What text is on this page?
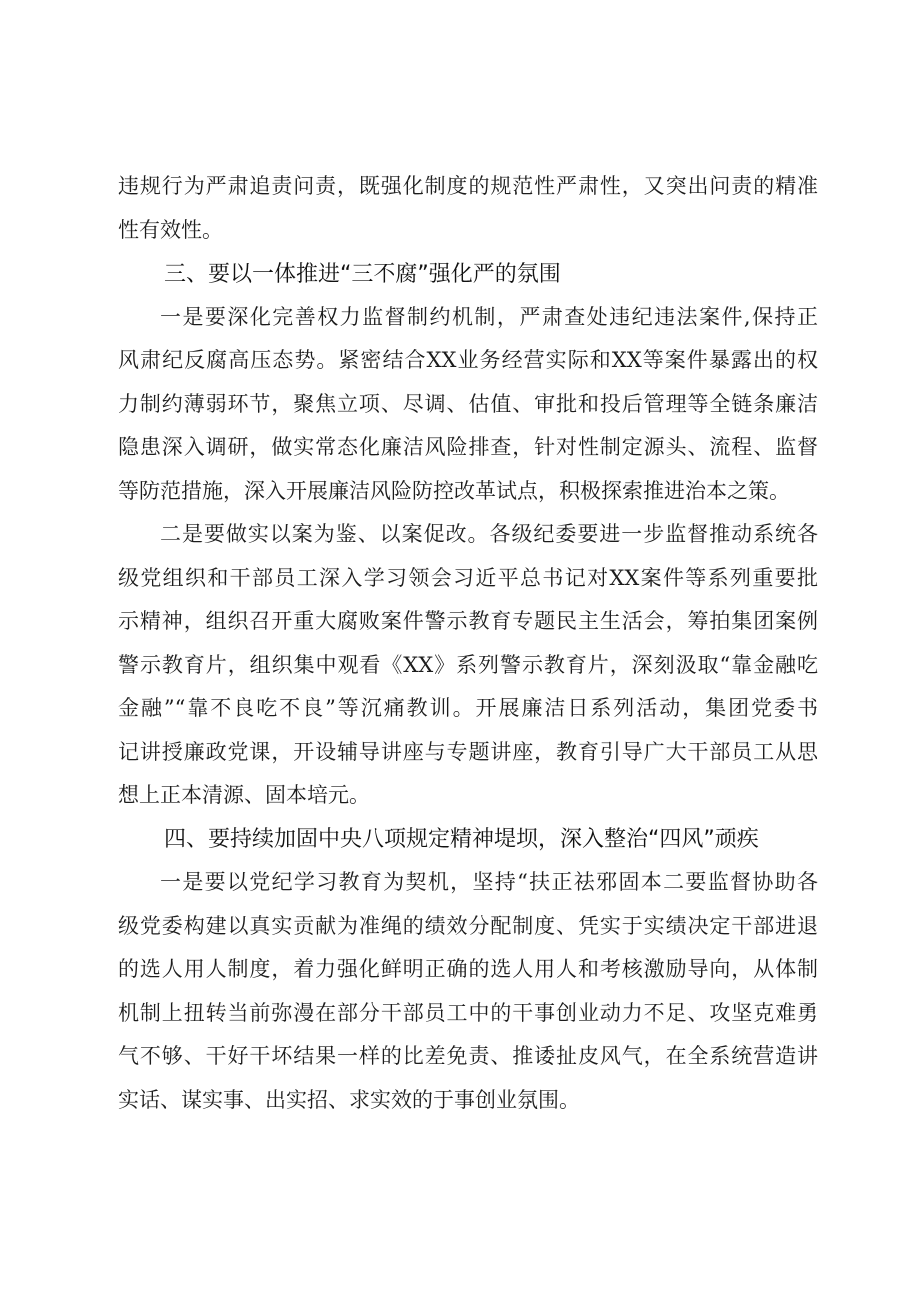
违规行为严肃追责问责，既强化制度的规范性严肃性，又突出问责的精准

性有效性。

三、要以一体推进“三不腐”强化严的氛围

一是要深化完善权力监督制约机制，严肃查处违纪违法案件,保持正

风肃纪反腐高压态势。紧密结合XX业务经营实际和XX等案件暴露出的权

力制约薄弱环节，聚焦立项、尽调、估值、审批和投后管理等全链条廉洁

隐患深入调研，做实常态化廉洁风险排查，针对性制定源头、流程、监督

等防范措施，深入开展廉洁风险防控改革试点，积极探索推进治本之策。

二是要做实以案为鉴、以案促改。各级纪委要进一步监督推动系统各

级党组织和干部员工深入学习领会习近平总书记对XX案件等系列重要批

示精神，组织召开重大腐败案件警示教育专题民主生活会，筹拍集团案例

警示教育片，组织集中观看《XX》系列警示教育片，深刻汲取“靠金融吃

金融”“靠不良吃不良”等沉痛教训。开展廉洁日系列活动，集团党委书

记讲授廉政党课，开设辅导讲座与专题讲座，教育引导广大干部员工从思

想上正本清源、固本培元。

四、要持续加固中央八项规定精神堤坝，深入整治“四风”顽疾

一是要以党纪学习教育为契机，坚持“扶正祛邪固本二要监督协助各

级党委构建以真实贡献为准绳的绩效分配制度、凭实于实绩决定干部进退

的选人用人制度，着力强化鲜明正确的选人用人和考核激励导向，从体制

机制上扭转当前弥漫在部分干部员工中的干事创业动力不足、攻坚克难勇

气不够、干好干坏结果一样的比差免责、推诿扯皮风气，在全系统营造讲

实话、谋实事、出实招、求实效的于事创业氛围。
